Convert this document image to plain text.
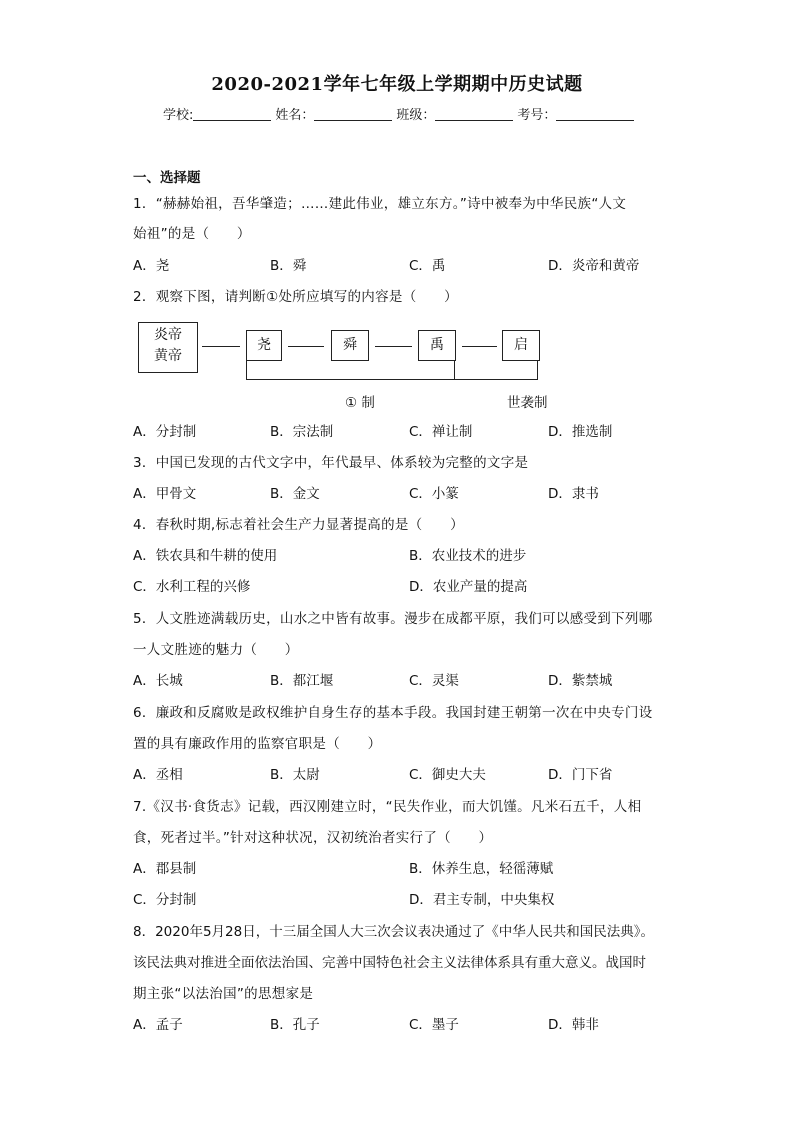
2020-2021学年七年级上学期期中历史试题
学校:	姓名：	班级：	考号：
一、选择题
1．“赫赫始祖，吾华肇造；……建此伟业，雄立东方。”诗中被奉为中华民族“人文
始祖”的是（　　）
A．尧	B．舜	C．禹	D．炎帝和黄帝
2．观察下图，请判断①处所应填写的内容是（　　）
炎帝
黄帝
尧	舜	禹	启
① 制	世袭制
A．分封制	B．宗法制	C．禅让制	D．推选制
3．中国已发现的古代文字中，年代最早、体系较为完整的文字是
A．甲骨文	B．金文	C．小篆	D．隶书
4．春秋时期,标志着社会生产力显著提高的是（　　）
A．铁农具和牛耕的使用	B．农业技术的进步
C．水利工程的兴修	D．农业产量的提高
5．人文胜迹满载历史，山水之中皆有故事。漫步在成都平原，我们可以感受到下列哪
一人文胜迹的魅力（　　）
A．长城	B．都江堰	C．灵渠	D．紫禁城
6．廉政和反腐败是政权维护自身生存的基本手段。我国封建王朝第一次在中央专门设
置的具有廉政作用的监察官职是（　　）
A．丞相	B．太尉	C．御史大夫	D．门下省
7.《汉书·食货志》记载，西汉刚建立时，“民失作业，而大饥馑。凡米石五千，人相
食，死者过半。”针对这种状况，汉初统治者实行了（　　）
A．郡县制	B．休养生息，轻徭薄赋
C．分封制	D．君主专制，中央集权
8．2020年5月28日，十三届全国人大三次会议表决通过了《中华人民共和国民法典》。
该民法典对推进全面依法治国、完善中国特色社会主义法律体系具有重大意义。战国时
期主张“以法治国”的思想家是
A．孟子	B．孔子	C．墨子	D．韩非
